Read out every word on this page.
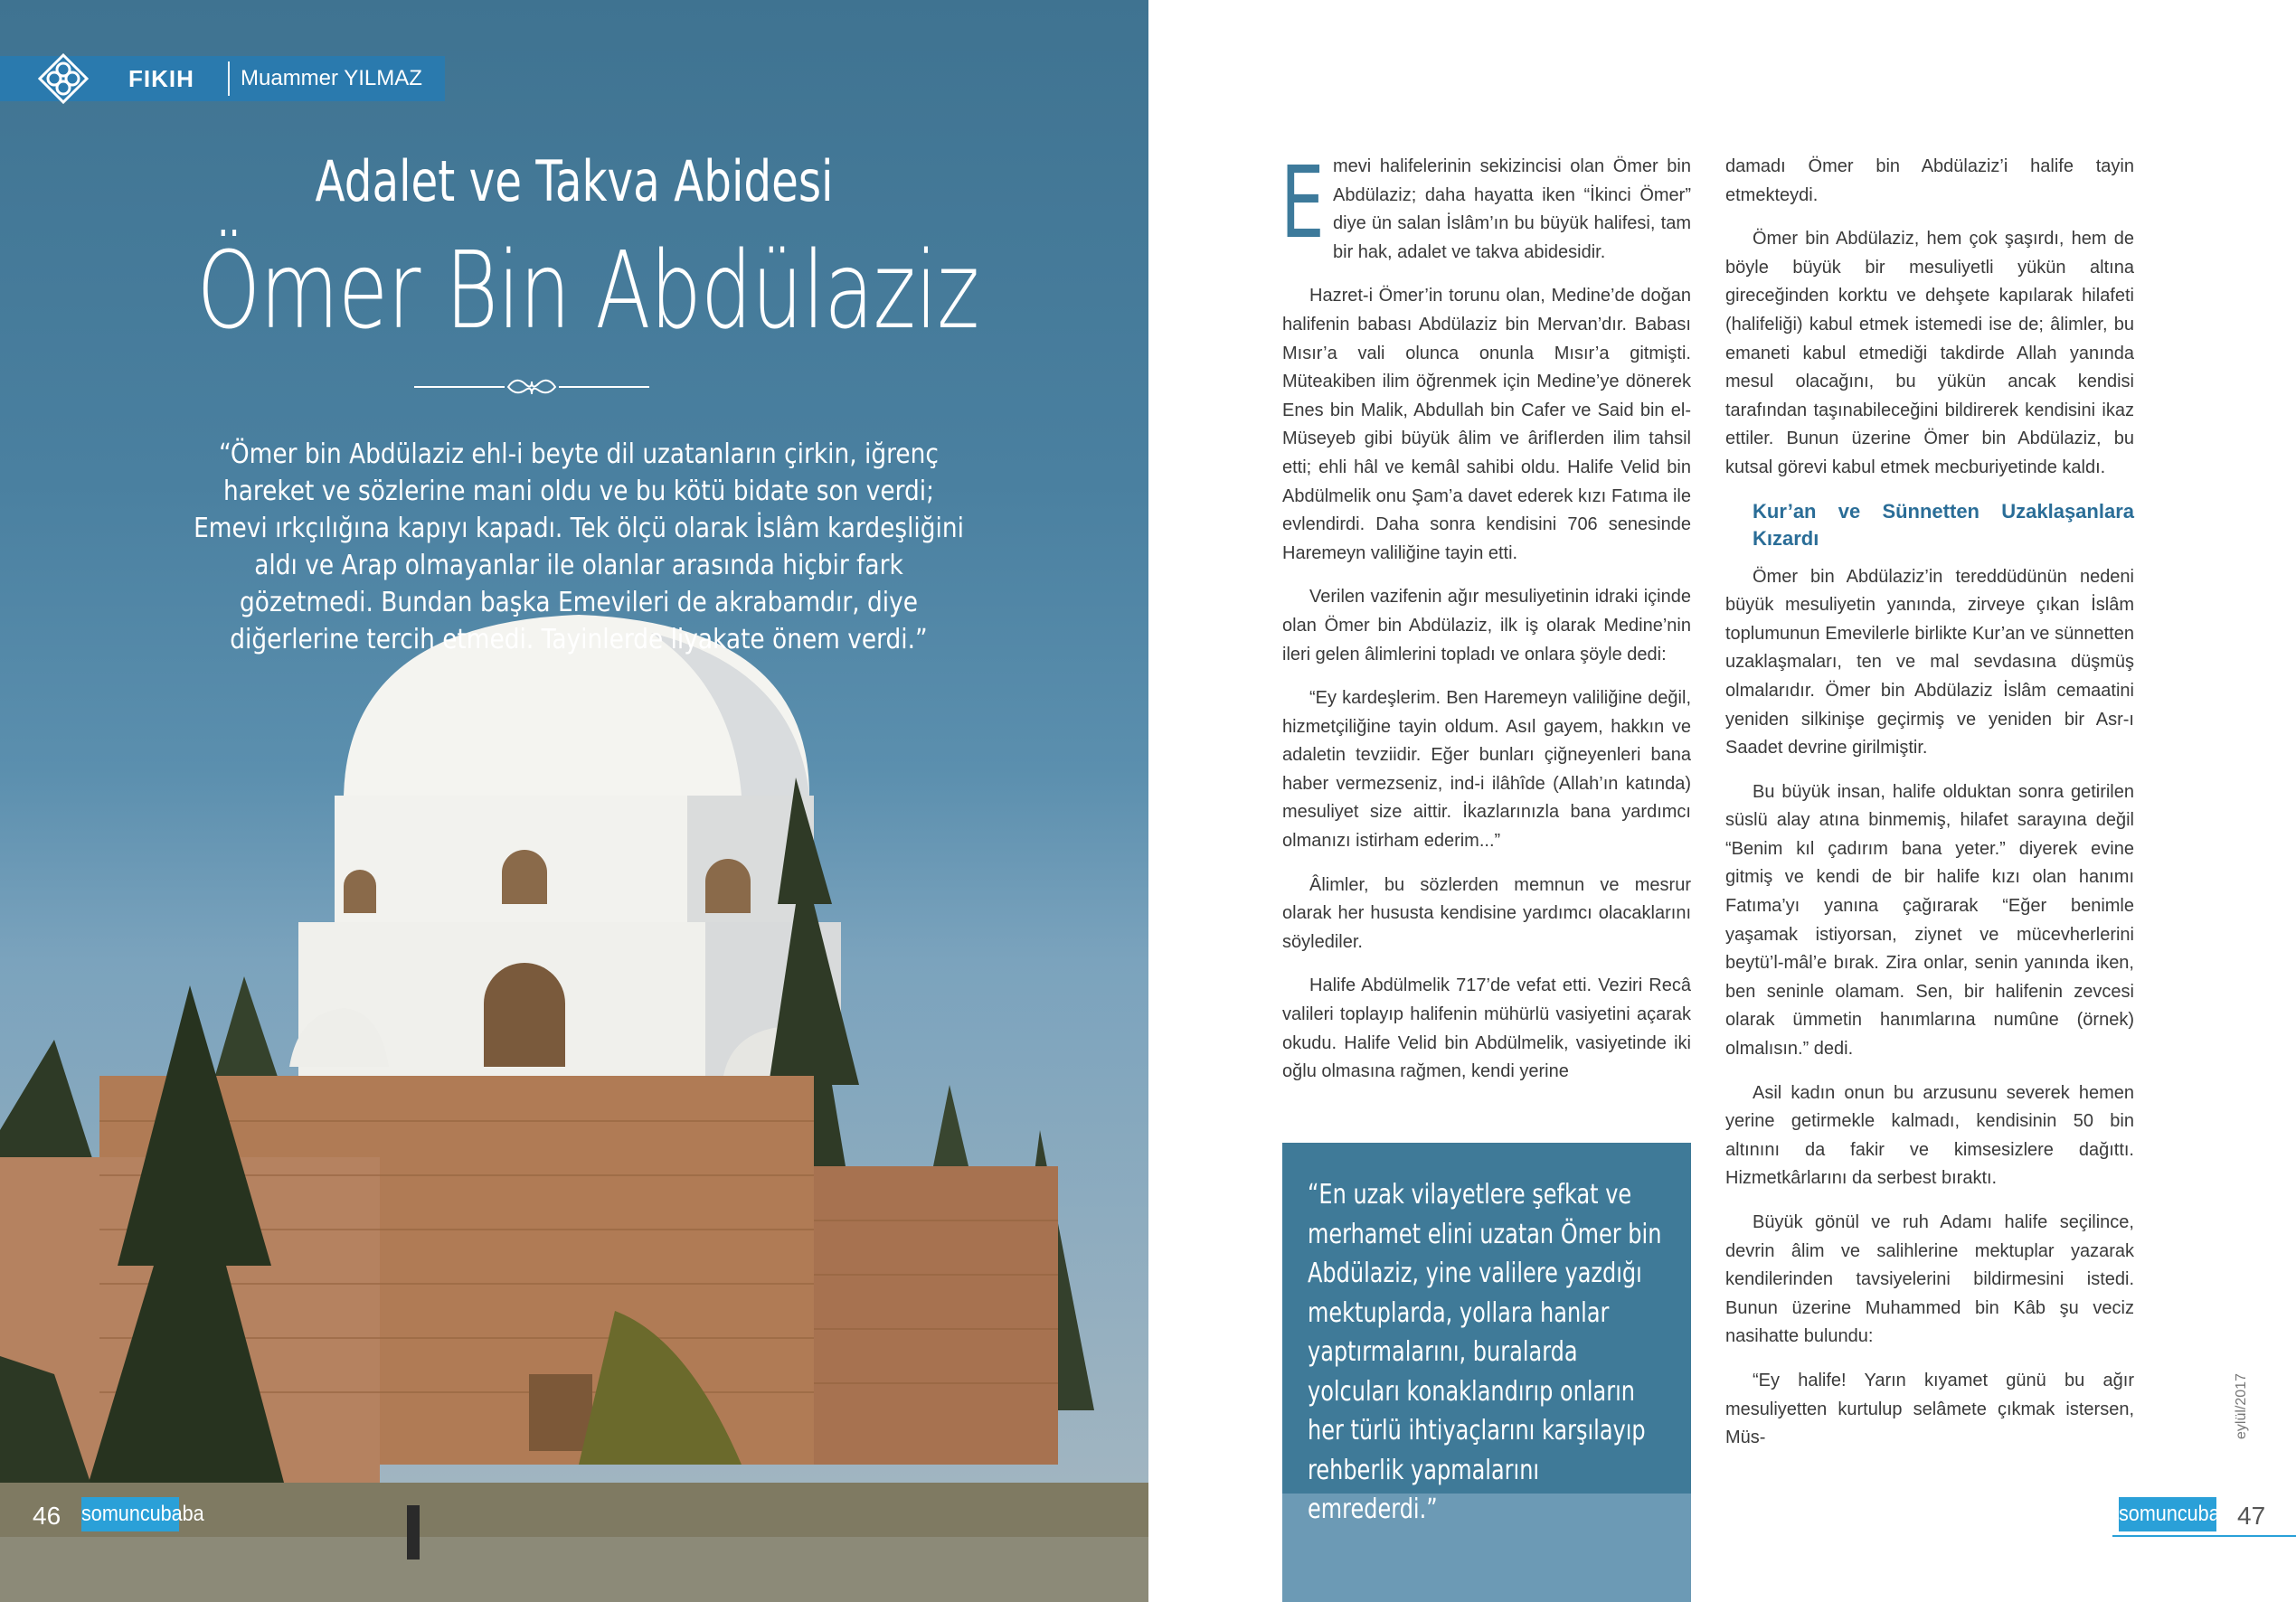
FIKIH Muammer YILMAZ
Adalet ve Takva Abidesi
Ömer Bin Abdülaziz
“Ömer bin Abdülaziz ehl-i beyte dil uzatanların çirkin, iğrenç hareket ve sözlerine mani oldu ve bu kötü bidate son verdi; Emevi ırkçılığına kapıyı kapadı. Tek ölçü olarak İslâm kardeşliğini aldı ve Arap olmayanlar ile olanlar arasında hiçbir fark gözetmedi. Bundan başka Emevileri de akrabamdır, diye diğerlerine tercih etmedi. Tayinlerde liyakate önem verdi.”
46 somuncubaba

Emevi halifelerinin sekizincisi olan Ömer bin Abdülaziz; daha hayatta iken “İkinci Ömer” diye ün salan İslâm’ın bu büyük halifesi, tam bir hak, adalet ve takva abidesidir.

Hazret-i Ömer’in torunu olan, Medine’de doğan halifenin babası Abdülaziz bin Mervan’dır. Babası Mısır’a vali olunca onunla Mısır’a gitmişti. Müteakiben ilim öğrenmek için Medine’ye dönerek Enes bin Malik, Abdullah bin Cafer ve Said bin el-Müseyeb gibi büyük âlim ve ârifIerden ilim tahsil etti; ehli hâl ve kemâl sahibi oldu. Halife Velid bin Abdülmelik onu Şam’a davet ederek kızı Fatıma ile evlendirdi. Daha sonra kendisini 706 senesinde Haremeyn valiliğine tayin etti.

Verilen vazifenin ağır mesuliyetinin idraki içinde olan Ömer bin Abdülaziz, ilk iş olarak Medine’nin ileri gelen âlimlerini topladı ve onlara şöyle dedi:

“Ey kardeşlerim. Ben Haremeyn valiliğine değil, hizmetçiliğine tayin oldum. Asıl gayem, hakkın ve adaletin tevziidir. Eğer bunları çiğneyenleri bana haber vermezseniz, ind-i ilâhîde (Allah’ın katında) mesuliyet size aittir. İkazlarınızla bana yardımcı olmanızı istirham ederim...”

Âlimler, bu sözlerden memnun ve mesrur olarak her hususta kendisine yardımcı olacaklarını söylediler.

Halife Abdülmelik 717’de vefat etti. Veziri Recâ valileri toplayıp halifenin mühürlü vasiyetini açarak okudu. Halife Velid bin Abdülmelik, vasiyetinde iki oğlu olmasına rağmen, kendi yerine

“En uzak vilayetlere şefkat ve merhamet elini uzatan Ömer bin Abdülaziz, yine valilere yazdığı mektuplarda, yollara hanlar yaptırmalarını, buralarda yolcuları konaklandırıp onların her türlü ihtiyaçlarını karşılayıp rehberlik yapmalarını emrederdi.”

damadı Ömer bin Abdülaziz’i halife tayin etmekteydi.

Ömer bin Abdülaziz, hem çok şaşırdı, hem de böyle büyük bir mesuliyetli yükün altına gireceğinden korktu ve dehşete kapılarak hilafeti (halifeliği) kabul etmek istemedi ise de; âlimler, bu emaneti kabul etmediği takdirde Allah yanında mesul olacağını, bu yükün ancak kendisi tarafından taşınabileceğini bildirerek kendisini ikaz ettiler. Bunun üzerine Ömer bin Abdülaziz, bu kutsal görevi kabul etmek mecburiyetinde kaldı.

Kur’an ve Sünnetten Uzaklaşanlara Kızardı

Ömer bin Abdülaziz’in tereddüdünün nedeni büyük mesuliyetin yanında, zirveye çıkan İslâm toplumunun Emevilerle birlikte Kur’an ve sünnetten uzaklaşmaları, ten ve mal sevdasına düşmüş olmalarıdır. Ömer bin Abdülaziz İslâm cemaatini yeniden silkinişe geçirmiş ve yeniden bir Asr-ı Saadet devrine girilmiştir.

Bu büyük insan, halife olduktan sonra getirilen süslü alay atına binmemiş, hilafet sarayına değil “Benim kıl çadırım bana yeter.” diyerek evine gitmiş ve kendi de bir halife kızı olan hanımı Fatıma’yı yanına çağırarak “Eğer benimle yaşamak istiyorsan, ziynet ve mücevherlerini beytü’l-mâl’e bırak. Zira onlar, senin yanında iken, ben seninle olamam. Sen, bir halifenin zevcesi olarak ümmetin hanımlarına numûne (örnek) olmalısın.” dedi.

Asil kadın onun bu arzusunu severek hemen yerine getirmekle kalmadı, kendisinin 50 bin altınını da fakir ve kimsesizlere dağıttı. Hizmetkârlarını da serbest bıraktı.

Büyük gönül ve ruh Adamı halife seçilince, devrin âlim ve salihlerine mektuplar yazarak kendilerinden tavsiyelerini bildirmesini istedi. Bunun üzerine Muhammed bin Kâb şu veciz nasihatte bulundu:

“Ey halife! Yarın kıyamet günü bu ağır mesuliyetten kurtulup selâmete çıkmak istersen, Müs-	eylül/2017
somuncubaba
47
